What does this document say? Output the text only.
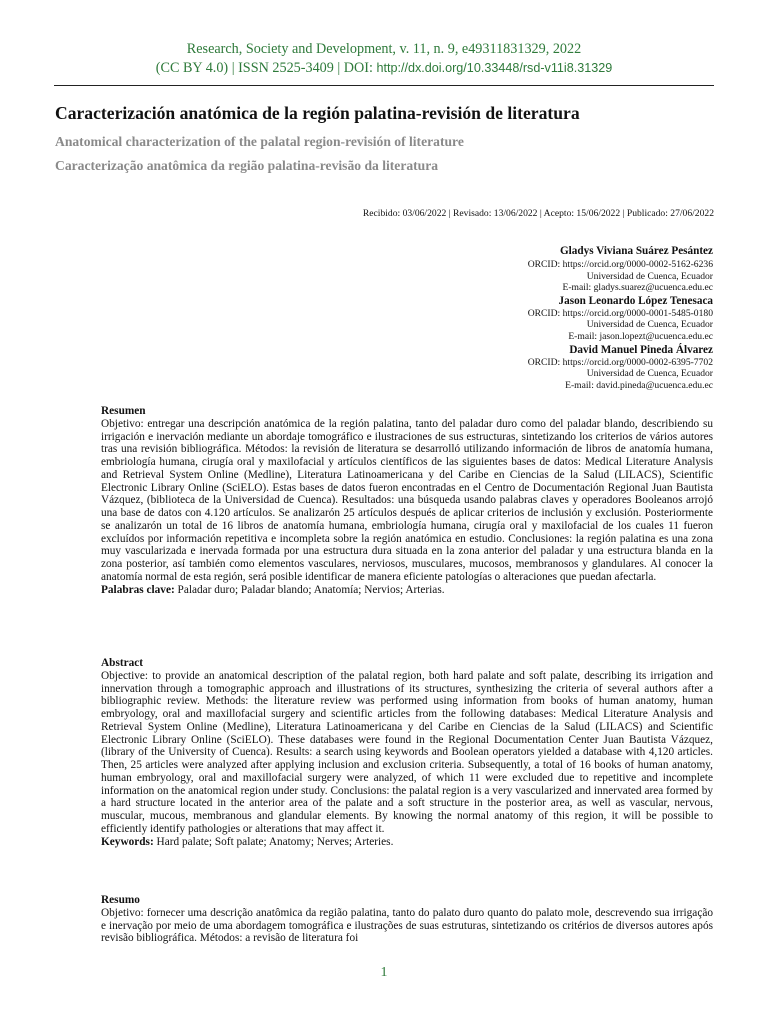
Research, Society and Development, v. 11, n. 9, e49311831329, 2022
(CC BY 4.0) | ISSN 2525-3409 | DOI: http://dx.doi.org/10.33448/rsd-v11i8.31329
Caracterización anatómica de la región palatina-revisión de literatura
Anatomical characterization of the palatal region-revisión of literature
Caracterização anatômica da região palatina-revisão da literatura
Recibido: 03/06/2022 | Revisado: 13/06/2022 | Acepto: 15/06/2022 | Publicado: 27/06/2022
Gladys Viviana Suárez Pesántez
ORCID: https://orcid.org/0000-0002-5162-6236
Universidad de Cuenca, Ecuador
E-mail: gladys.suarez@ucuenca.edu.ec
Jason Leonardo López Tenesaca
ORCID: https://orcid.org/0000-0001-5485-0180
Universidad de Cuenca, Ecuador
E-mail: jason.lopezt@ucuenca.edu.ec
David Manuel Pineda Álvarez
ORCID: https://orcid.org/0000-0002-6395-7702
Universidad de Cuenca, Ecuador
E-mail: david.pineda@ucuenca.edu.ec
Resumen

Objetivo: entregar una descripción anatómica de la región palatina, tanto del paladar duro como del paladar blando, describiendo su irrigación e inervación mediante un abordaje tomográfico e ilustraciones de sus estructuras, sintetizando los criterios de vários autores tras una revisión bibliográfica. Métodos: la revisión de literatura se desarrolló utilizando información de libros de anatomía humana, embriología humana, cirugía oral y maxilofacial y artículos científicos de las siguientes bases de datos: Medical Literature Analysis and Retrieval System Online (Medline), Literatura Latinoamericana y del Caribe en Ciencias de la Salud (LILACS), Scientific Electronic Library Online (SciELO). Estas bases de datos fueron encontradas en el Centro de Documentación Regional Juan Bautista Vázquez, (biblioteca de la Universidad de Cuenca). Resultados: una búsqueda usando palabras claves y operadores Booleanos arrojó una base de datos con 4.120 artículos. Se analizarón 25 artículos después de aplicar criterios de inclusión y exclusión. Posteriormente se analizarón un total de 16 libros de anatomía humana, embriología humana, cirugía oral y maxilofacial de los cuales 11 fueron excluídos por información repetitiva e incompleta sobre la región anatómica en estudio. Conclusiones: la región palatina es una zona muy vascularizada e inervada formada por una estructura dura situada en la zona anterior del paladar y una estructura blanda en la zona posterior, así también como elementos vasculares, nerviosos, musculares, mucosos, membranosos y glandulares. Al conocer la anatomía normal de esta región, será posible identificar de manera eficiente patologías o alteraciones que puedan afectarla.

Palabras clave: Paladar duro; Paladar blando; Anatomía; Nervios; Arterias.

Abstract

Objective: to provide an anatomical description of the palatal region, both hard palate and soft palate, describing its irrigation and innervation through a tomographic approach and illustrations of its structures, synthesizing the criteria of several authors after a bibliographic review. Methods: the literature review was performed using information from books of human anatomy, human embryology, oral and maxillofacial surgery and scientific articles from the following databases: Medical Literature Analysis and Retrieval System Online (Medline), Literatura Latinoamericana y del Caribe en Ciencias de la Salud (LILACS) and Scientific Electronic Library Online (SciELO). These databases were found in the Regional Documentation Center Juan Bautista Vázquez, (library of the University of Cuenca). Results: a search using keywords and Boolean operators yielded a database with 4,120 articles. Then, 25 articles were analyzed after applying inclusion and exclusion criteria. Subsequently, a total of 16 books of human anatomy, human embryology, oral and maxillofacial surgery were analyzed, of which 11 were excluded due to repetitive and incomplete information on the anatomical region under study. Conclusions: the palatal region is a very vascularized and innervated area formed by a hard structure located in the anterior area of the palate and a soft structure in the posterior area, as well as vascular, nervous, muscular, mucous, membranous and glandular elements. By knowing the normal anatomy of this region, it will be possible to efficiently identify pathologies or alterations that may affect it.

Keywords: Hard palate; Soft palate; Anatomy; Nerves; Arteries.

Resumo

Objetivo: fornecer uma descrição anatômica da região palatina, tanto do palato duro quanto do palato mole, descrevendo sua irrigação e inervação por meio de uma abordagem tomográfica e ilustrações de suas estruturas, sintetizando os critérios de diversos autores após revisão bibliográfica. Métodos: a revisão de literatura foi

1
